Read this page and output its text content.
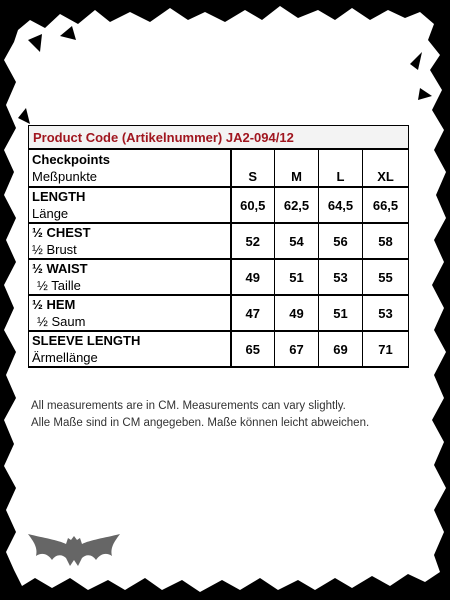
Product Code (Artikelnummer) JA2-094/12				

Checkpoints
Meßpunkte	S	M	L	XL

LENGTH
Länge	60,5	62,5	64,5	66,5

½ CHEST
½ Brust	52	54	56	58

½ WAIST
½ Taille	49	51	53	55

½ HEM
½ Saum	47	49	51	53

SLEEVE LENGTH
Ärmellänge	65	67	69	71
All measurements are in CM. Measurements can vary slightly.
Alle Maße sind in CM angegeben. Maße können leicht abweichen.
